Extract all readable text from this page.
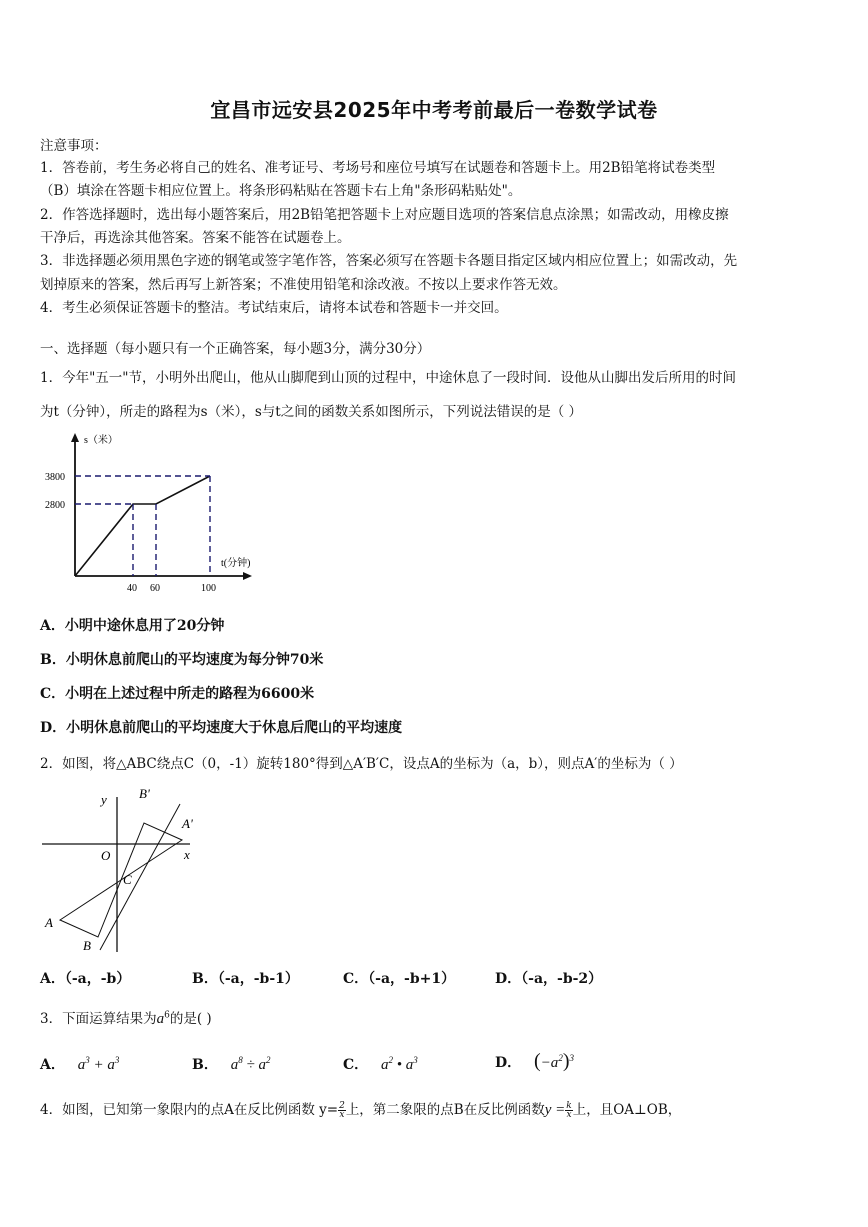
宜昌市远安县2025年中考考前最后一卷数学试卷
注意事项：
1．答卷前，考生务必将自己的姓名、准考证号、考场号和座位号填写在试题卷和答题卡上。用2B铅笔将试卷类型
（B）填涂在答题卡相应位置上。将条形码粘贴在答题卡右上角"条形码粘贴处"。
2．作答选择题时，选出每小题答案后，用2B铅笔把答题卡上对应题目选项的答案信息点涂黑；如需改动，用橡皮擦
干净后，再选涂其他答案。答案不能答在试题卷上。
3．非选择题必须用黑色字迹的钢笔或签字笔作答，答案必须写在答题卡各题目指定区域内相应位置上；如需改动，先
划掉原来的答案，然后再写上新答案；不准使用铅笔和涂改液。不按以上要求作答无效。
4．考生必须保证答题卡的整洁。考试结束后，请将本试卷和答题卡一并交回。
一、选择题（每小题只有一个正确答案，每小题3分，满分30分）
1．今年"五一"节，小明外出爬山，他从山脚爬到山顶的过程中，中途休息了一段时间．设他从山脚出发后所用的时间
为t（分钟），所走的路程为s（米），s与t之间的函数关系如图所示，下列说法错误的是（ ）
s（米）
t(分钟)
3800
2800
40 60	100
A．小明中途休息用了20分钟
B．小明休息前爬山的平均速度为每分钟70米
C．小明在上述过程中所走的路程为6600米
D．小明休息前爬山的平均速度大于休息后爬山的平均速度
2．如图，将△ABC绕点C（0，-1）旋转180°得到△A′B′C，设点A的坐标为（a，b），则点A′的坐标为（ ）
y
x
O
C
A
B
A'
B'
A．（-a，-b）	B．（-a，-b-1）	C．（-a，-b+1）	D．（-a，-b-2）
3．下面运算结果为$a^6$的是( )
A． $a^3 + a^3$	B． $a^8 \div a^2$	C． $a^2$ • $a^3$	D． $(-a^2)^3$
4．如图，已知第一象限内的点A在反比例函数 $y= \frac{2}{x}$ 上，第二象限的点B在反比例函数$y = \frac{k}{x}$ 上，且OA⊥OB，
